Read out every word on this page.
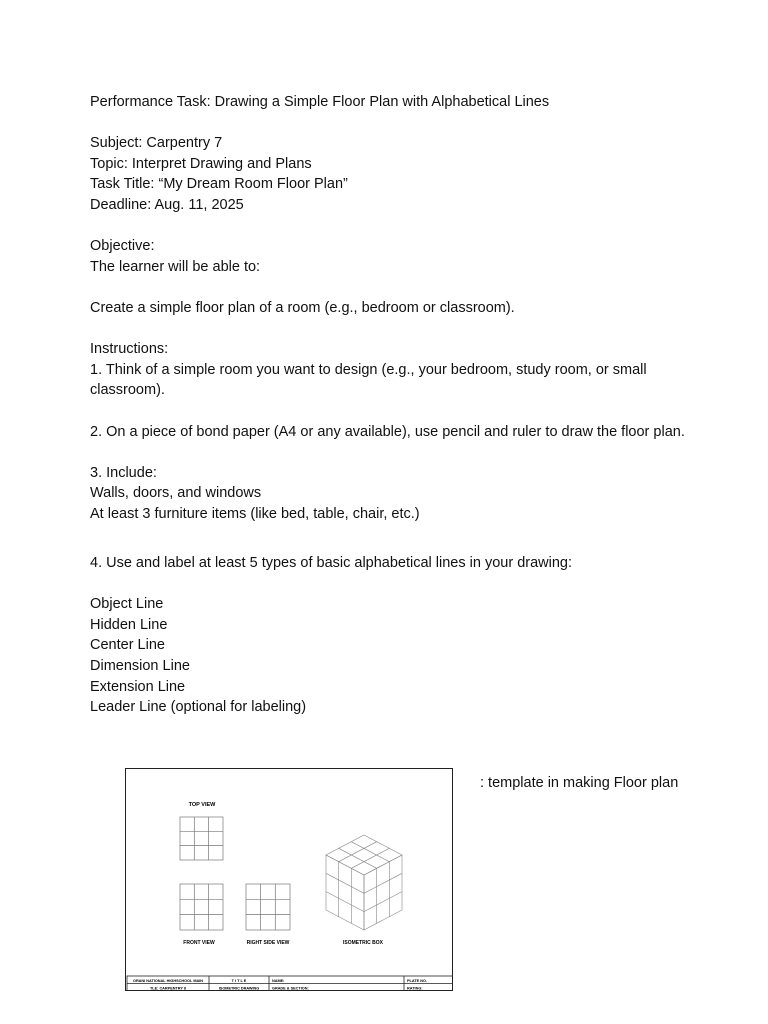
Performance Task: Drawing a Simple Floor Plan with Alphabetical Lines

Subject: Carpentry 7

Topic: Interpret Drawing and Plans

Task Title: “My Dream Room Floor Plan”

Deadline: Aug. 11, 2025

Objective:

The learner will be able to:

Create a simple floor plan of a room (e.g., bedroom or classroom).

Instructions:

1. Think of a simple room you want to design (e.g., your bedroom, study room, or small classroom).

2. On a piece of bond paper (A4 or any available), use pencil and ruler to draw the floor plan.

3. Include:

Walls, doors, and windows

At least 3 furniture items (like bed, table, chair, etc.)

4. Use and label at least 5 types of basic alphabetical lines in your drawing:

Object Line

Hidden Line

Center Line

Dimension Line

Extension Line

Leader Line (optional for labeling)

TOP VIEW
FRONT VIEW	RIGHT SIDE VIEW	ISOMETRIC BOX
ORANI NATIONAL HIGHSCHOOL MAIN
TLE: CARPENTRY 8
T I T L E
ISOMETRIC DRAWING
NAME:
GRADE & SECTION:
PLATE NO.
RATING:

: template in making Floor plan
